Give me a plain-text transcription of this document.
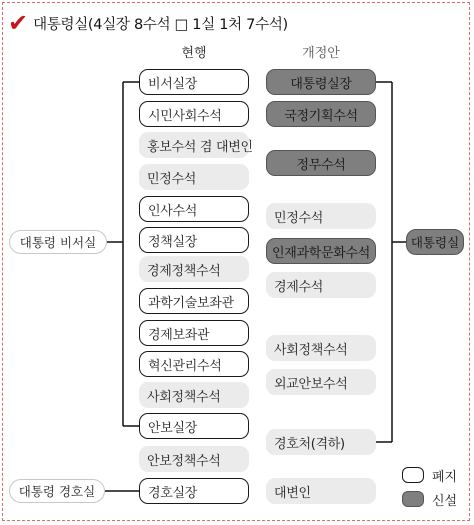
✔ 대통령실(4실장 8수석 □ 1실 1처 7수석)
현행	개정안
대통령 비서실
대통령 경호실
비서실장
시민사회수석
홍보수석 겸 대변인
민정수석
인사수석
정책실장
경제정책수석
과학기술보좌관
경제보좌관
혁신관리수석
사회정책수석
안보실장
안보정책수석
경호실장
대통령실장
국정기획수석
정무수석
민정수석
인재과학문화수석
경제수석
사회정책수석
외교안보수석
경호처(격하)
대변인
대통령실
폐지
신설
